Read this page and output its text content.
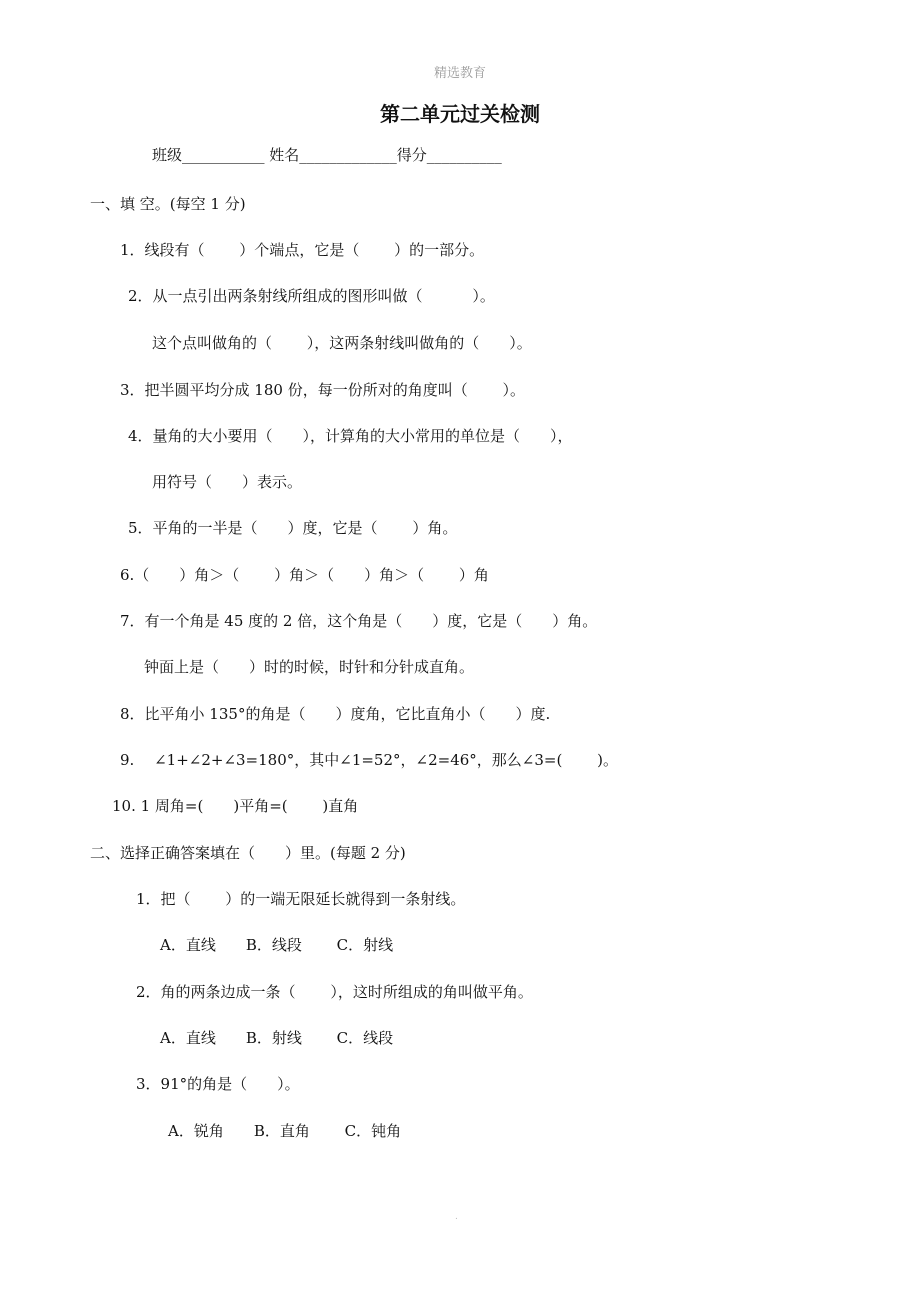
精选教育
第二单元过关检测
班级___________ 姓名_____________得分__________
一、填 空。(每空 1 分)
1．线段有（　　 ）个端点，它是（　　 ）的一部分。
2．从一点引出两条射线所组成的图形叫做（　　　 ）。
这个点叫做角的（　　 ），这两条射线叫做角的（　　）。
3．把半圆平均分成 180 份，每一份所对的角度叫（　　 ）。
4．量角的大小要用（　　），计算角的大小常用的单位是（　　），
用符号（　　）表示。
5．平角的一半是（　　）度，它是（　　 ）角。
6.（　　）角＞（　　 ）角＞（　　）角＞（　　 ）角
7．有一个角是 45 度的 2 倍，这个角是（　　）度，它是（　　）角。
钟面上是（　　）时的时候，时针和分针成直角。
8．比平角小 135°的角是（　　）度角，它比直角小（　　）度.
9.　 ∠1+∠2+∠3=180°，其中∠1=52°，∠2=46°，那么∠3=(　　 )。
10. 1 周角=(　　)平角=(　　 )直角
二、选择正确答案填在（　　）里。(每题 2 分)
1．把（　　 ）的一端无限延长就得到一条射线。
A．直线　　B．线段　　 C．射线
2．角的两条边成一条（　　 ），这时所组成的角叫做平角。
A．直线　　B．射线　　 C．线段
3．91°的角是（　　）。
A．锐角　　B．直角　　 C．钝角
.
